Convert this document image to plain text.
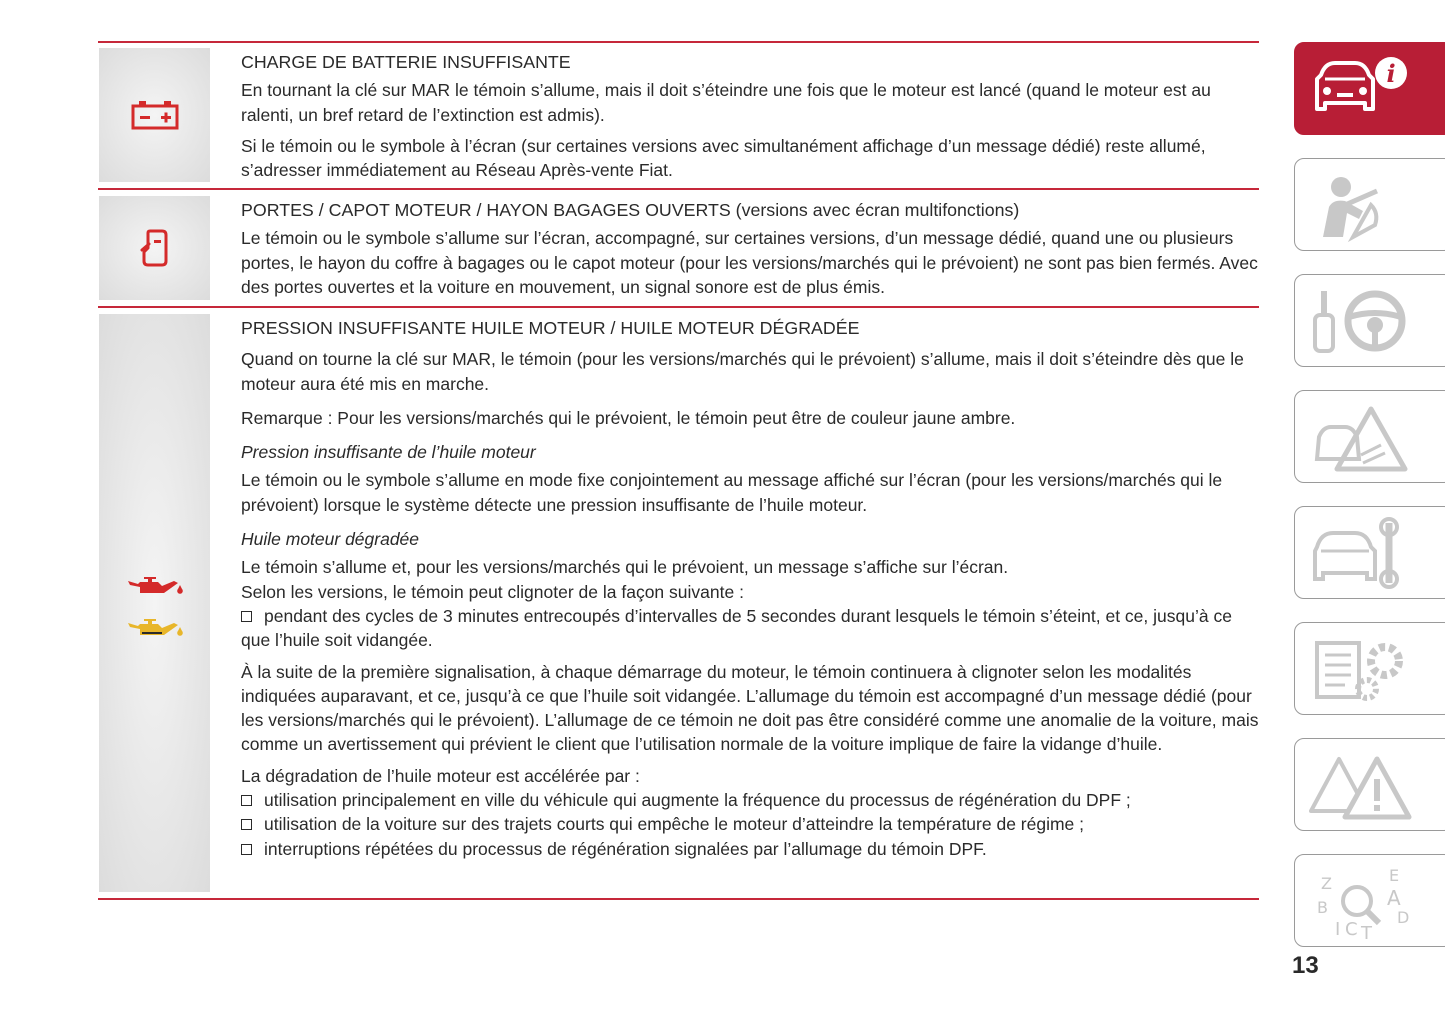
CHARGE DE BATTERIE INSUFFISANTE

En tournant la clé sur MAR le témoin s’allume, mais il doit s’éteindre une fois que le moteur est lancé (quand le moteur est au ralenti, un bref retard de l’extinction est admis).

Si le témoin ou le symbole à l’écran (sur certaines versions avec simultanément affichage d’un message dédié) reste allumé, s’adresser immédiatement au Réseau Après-vente Fiat.

PORTES / CAPOT MOTEUR / HAYON BAGAGES OUVERTS (versions avec écran multifonctions)

Le témoin ou le symbole s’allume sur l’écran, accompagné, sur certaines versions, d’un message dédié, quand une ou plusieurs portes, le hayon du coffre à bagages ou le capot moteur (pour les versions/marchés qui le prévoient) ne sont pas bien fermés. Avec des portes ouvertes et la voiture en mouvement, un signal sonore est de plus émis.

PRESSION INSUFFISANTE HUILE MOTEUR / HUILE MOTEUR DÉGRADÉE

Quand on tourne la clé sur MAR, le témoin (pour les versions/marchés qui le prévoient) s’allume, mais il doit s’éteindre dès que le moteur aura été mis en marche.

Remarque : Pour les versions/marchés qui le prévoient, le témoin peut être de couleur jaune ambre.

Pression insuffisante de l’huile moteur

Le témoin ou le symbole s’allume en mode fixe conjointement au message affiché sur l’écran (pour les versions/marchés qui le prévoient) lorsque le système détecte une pression insuffisante de l’huile moteur.

Huile moteur dégradée

Le témoin s’allume et, pour les versions/marchés qui le prévoient, un message s’affiche sur l’écran.

Selon les versions, le témoin peut clignoter de la façon suivante :

pendant des cycles de 3 minutes entrecoupés d’intervalles de 5 secondes durant lesquels le témoin s’éteint, et ce, jusqu’à ce que l’huile soit vidangée.

À la suite de la première signalisation, à chaque démarrage du moteur, le témoin continuera à clignoter selon les modalités indiquées auparavant, et ce, jusqu’à ce que l’huile soit vidangée. L’allumage du témoin est accompagné d’un message dédié (pour les versions/marchés qui le prévoient). L’allumage de ce témoin ne doit pas être considéré comme une anomalie de la voiture, mais comme un avertissement qui prévient le client que l’utilisation normale de la voiture implique de faire la vidange d’huile.

La dégradation de l’huile moteur est accélérée par :

utilisation principalement en ville du véhicule qui augmente la fréquence du processus de régénération du DPF ;

utilisation de la voiture sur des trajets courts qui empêche le moteur d’atteindre la température de régime ;

interruptions répétées du processus de régénération signalées par l’allumage du témoin DPF.

i
Z	E
B	A
D
I C T
13
